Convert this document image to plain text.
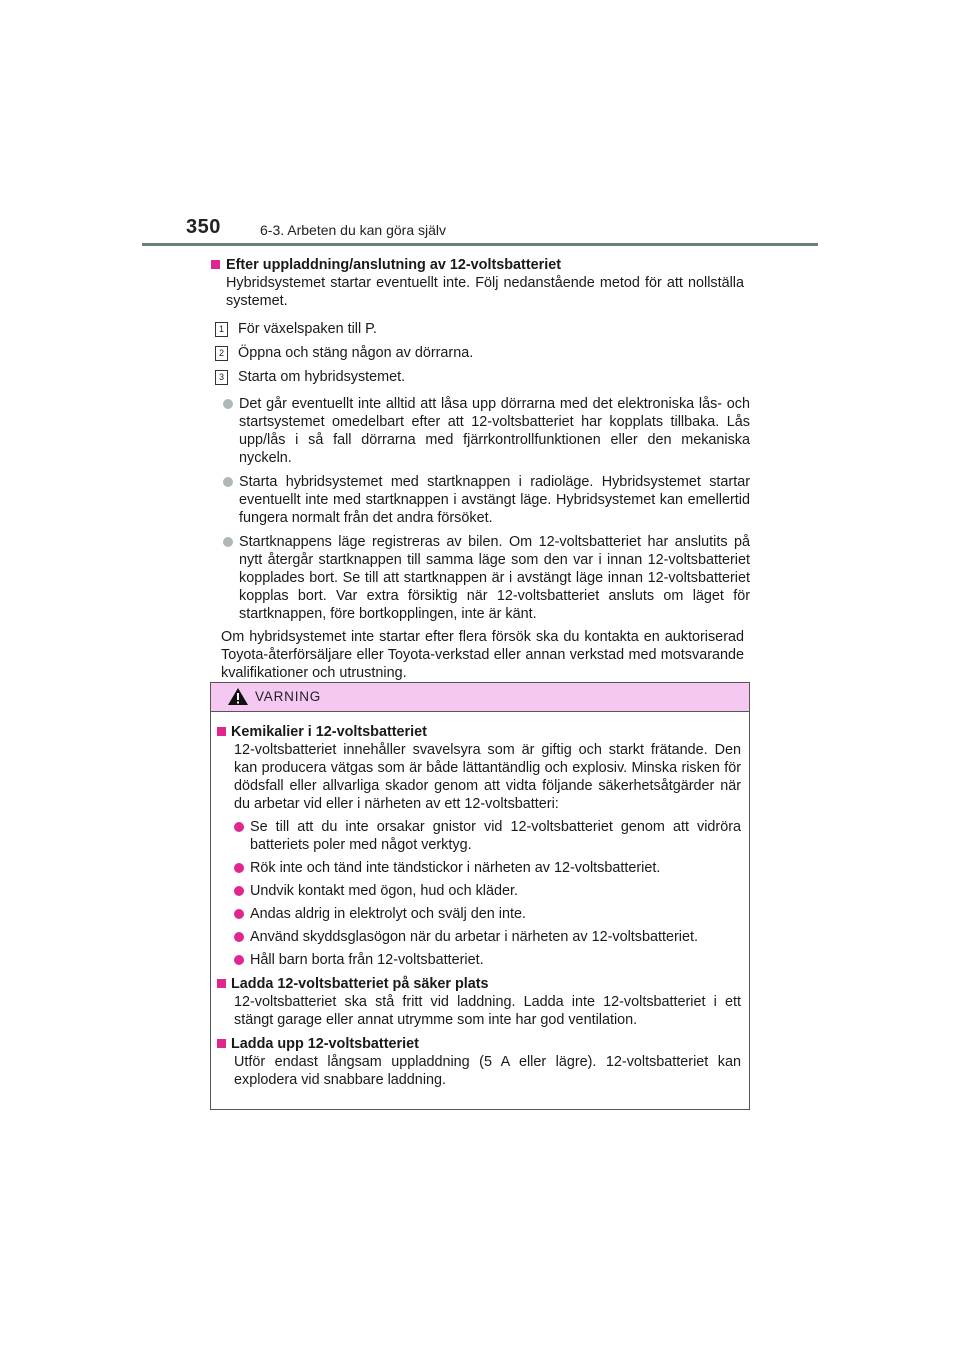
350	6-3. Arbeten du kan göra själv
Efter uppladdning/anslutning av 12-voltsbatteriet
Hybridsystemet startar eventuellt inte. Följ nedanstående metod för att nollställa systemet.
1 För växelspaken till P.
2 Öppna och stäng någon av dörrarna.
3 Starta om hybridsystemet.
Det går eventuellt inte alltid att låsa upp dörrarna med det elektroniska lås- och startsystemet omedelbart efter att 12-voltsbatteriet har kopplats tillbaka. Lås upp/lås i så fall dörrarna med fjärrkontrollfunktionen eller den mekaniska nyckeln.
Starta hybridsystemet med startknappen i radioläge. Hybridsystemet startar eventuellt inte med startknappen i avstängt läge. Hybridsystemet kan emellertid fungera normalt från det andra försöket.
Startknappens läge registreras av bilen. Om 12-voltsbatteriet har anslutits på nytt återgår startknappen till samma läge som den var i innan 12-voltsbatteriet kopplades bort. Se till att startknappen är i avstängt läge innan 12-voltsbatteriet kopplas bort. Var extra försiktig när 12-voltsbatteriet ansluts om läget för startknappen, före bortkopplingen, inte är känt.
Om hybridsystemet inte startar efter flera försök ska du kontakta en auktoriserad Toyota-återförsäljare eller Toyota-verkstad eller annan verkstad med motsvarande kvalifikationer och utrustning.
VARNING
Kemikalier i 12-voltsbatteriet
12-voltsbatteriet innehåller svavelsyra som är giftig och starkt frätande. Den kan producera vätgas som är både lättantändlig och explosiv. Minska risken för dödsfall eller allvarliga skador genom att vidta följande säkerhetsåtgärder när du arbetar vid eller i närheten av ett 12-voltsbatteri:
Se till att du inte orsakar gnistor vid 12-voltsbatteriet genom att vidröra batteriets poler med något verktyg.
Rök inte och tänd inte tändstickor i närheten av 12-voltsbatteriet.
Undvik kontakt med ögon, hud och kläder.
Andas aldrig in elektrolyt och svälj den inte.
Använd skyddsglasögon när du arbetar i närheten av 12-voltsbatteriet.
Håll barn borta från 12-voltsbatteriet.
Ladda 12-voltsbatteriet på säker plats
12-voltsbatteriet ska stå fritt vid laddning. Ladda inte 12-voltsbatteriet i ett stängt garage eller annat utrymme som inte har god ventilation.
Ladda upp 12-voltsbatteriet
Utför endast långsam uppladdning (5 A eller lägre). 12-voltsbatteriet kan explodera vid snabbare laddning.
